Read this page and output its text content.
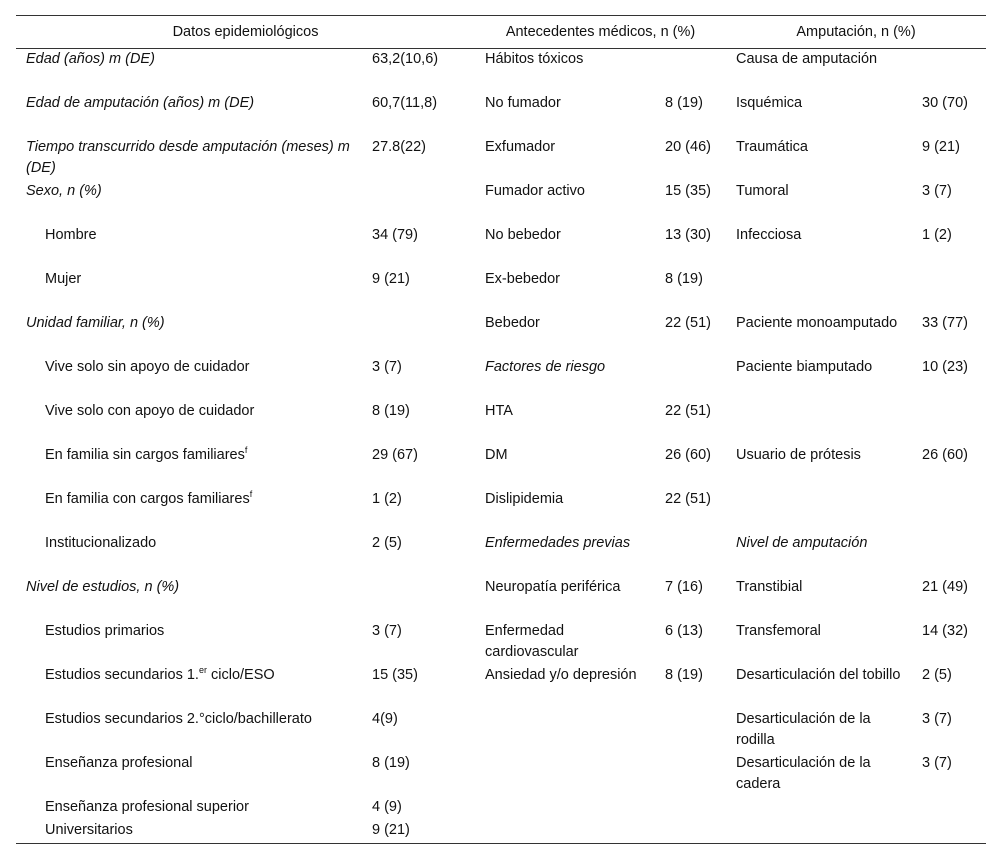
Datos epidemiológicos		Antecedentes médicos, n (%)		Amputación, n (%)	
Edad (años) m (DE)	63,2(10,6)	Hábitos tóxicos		Causa de amputación	
Edad de amputación (años) m (DE)	60,7(11,8)	No fumador	8 (19)	Isquémica	30 (70)
Tiempo transcurrido desde amputación (meses) m (DE)	27.8(22)	Exfumador	20 (46)	Traumática	9 (21)
Sexo, n (%)		Fumador activo	15 (35)	Tumoral	3 (7)
Hombre	34 (79)	No bebedor	13 (30)	Infecciosa	1 (2)
Mujer	9 (21)	Ex-bebedor	8 (19)		
Unidad familiar, n (%)		Bebedor	22 (51)	Paciente monoamputado	33 (77)
Vive solo sin apoyo de cuidador	3 (7)	Factores de riesgo		Paciente biamputado	10 (23)
Vive solo con apoyo de cuidador	8 (19)	HTA	22 (51)		
En familia sin cargos familiares$^f$	29 (67)	DM	26 (60)	Usuario de prótesis	26 (60)
En familia con cargos familiares$^f$	1 (2)	Dislipidemia	22 (51)		
Institucionalizado	2 (5)	Enfermedades previas		Nivel de amputación	
Nivel de estudios, n (%)		Neuropatía periférica	7 (16)	Transtibial	21 (49)
Estudios primarios	3 (7)	Enfermedad cardiovascular	6 (13)	Transfemoral	14 (32)
Estudios secundarios 1.$^{er}$ ciclo/ESO	15 (35)	Ansiedad y/o depresión	8 (19)	Desarticulación del tobillo	2 (5)
Estudios secundarios 2.°ciclo/bachillerato	4(9)			Desarticulación de la rodilla	3 (7)
Enseñanza profesional	8 (19)			Desarticulación de la cadera	3 (7)
Enseñanza profesional superior	4 (9)				
Universitarios	9 (21)				
